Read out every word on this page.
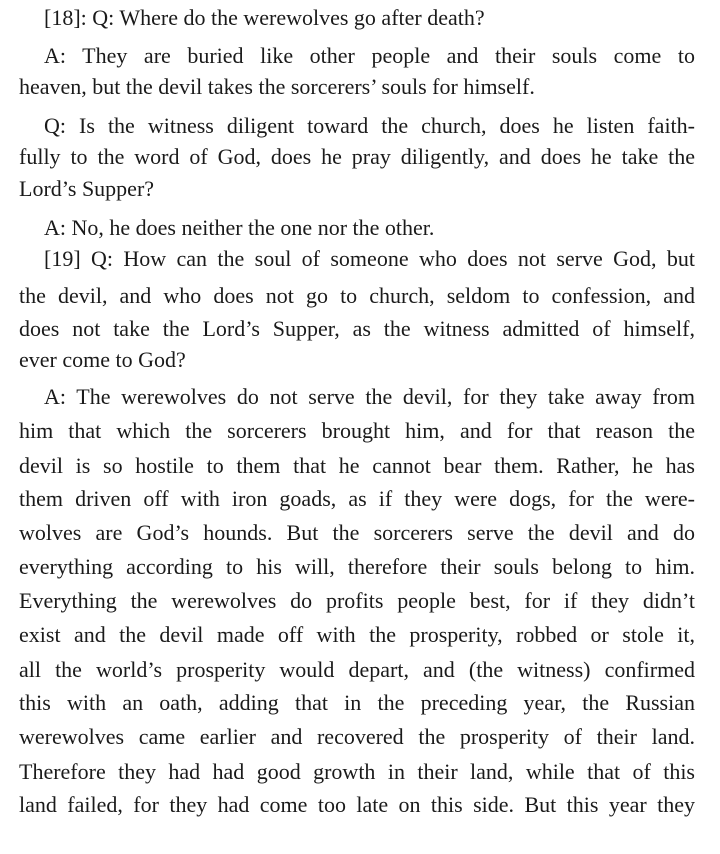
[18]: Q: Where do the werewolves go after death?
A: They are buried like other people and their souls come to
heaven, but the devil takes the sorcerers’ souls for himself.
Q: Is the witness diligent toward the church, does he listen faith-
fully to the word of God, does he pray diligently, and does he take the
Lord’s Supper?
A: No, he does neither the one nor the other.
[19] Q: How can the soul of someone who does not serve God, but
the devil, and who does not go to church, seldom to confession, and
does not take the Lord’s Supper, as the witness admitted of himself,
ever come to God?
A: The werewolves do not serve the devil, for they take away from
him that which the sorcerers brought him, and for that reason the
devil is so hostile to them that he cannot bear them. Rather, he has
them driven off with iron goads, as if they were dogs, for the were-
wolves are God’s hounds. But the sorcerers serve the devil and do
everything according to his will, therefore their souls belong to him.
Everything the werewolves do profits people best, for if they didn’t
exist and the devil made off with the prosperity, robbed or stole it,
all the world’s prosperity would depart, and (the witness) confirmed
this with an oath, adding that in the preceding year, the Russian
werewolves came earlier and recovered the prosperity of their land.
Therefore they had had good growth in their land, while that of this
land failed, for they had come too late on this side. But this year they
